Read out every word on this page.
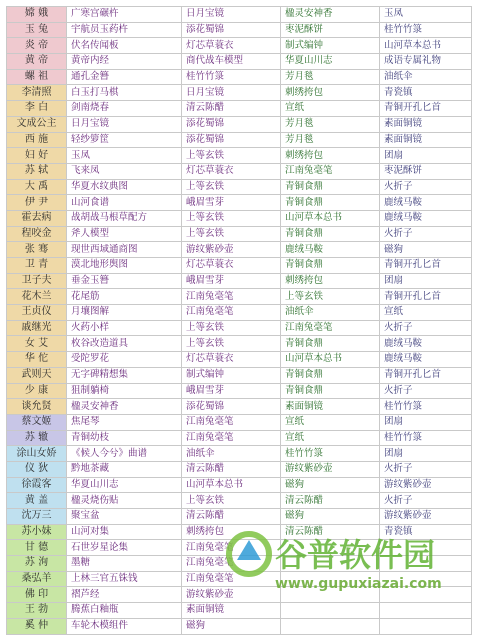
嫦 娥	广寒宫碾杵	日月宝镜	楹灵安神香	玉凤
玉 兔	宇航员玉药杵	添花蜀锦	枣泥酥饼	桂竹竹箓
炎 帝	伏名传闻板	灯芯草蓑衣	制式编钟	山河草本总书
黄 帝	黄帝内经	商代战车模型	华夏山川志	成语专属礼物
螺 祖	通孔金簪	桂竹竹箓	芳月毯	油纸伞
李清照	白玉打马棋	日月宝镜	刺绣挎包	青瓷镇
李 白	剑南烧春	清云陈醋	宣纸	青铜开孔匕首
文成公主	日月宝镜	添花蜀锦	芳月毯	素面铜镜
西 施	轻纱箩筐	添花蜀锦	芳月毯	素面铜镜
妇 好	玉凤	上等玄铁	刺绣挎包	团扇
苏 轼	飞来凤	灯芯草蓑衣	江南兔毫笔	枣泥酥饼
大 禹	华夏水纹典图	上等玄铁	青铜食鼎	火折子
伊 尹	山河食谱	峨眉雪芽	青铜食鼎	鹿绒马鞍
霍去病	战胡战马根草配方	上等玄铁	山河草本总书	鹿绒马鞍
程咬金	斧人模型	上等玄铁	青铜食鼎	火折子
张 骞	现世西域通商图	游纹紫砂壶	鹿绒马鞍	磁狗
卫 青	漠北地形舆图	灯芯草蓑衣	青铜食鼎	青铜开孔匕首
卫子夫	垂金玉簪	峨眉雪芽	刺绣挎包	团扇
花木兰	花尾筋	江南兔毫笔	上等玄铁	青铜开孔匕首
王贞仪	月壤图解	江南兔毫笔	油纸伞	宣纸
戚继光	火药小样	上等玄铁	江南兔毫笔	火折子
女 艾	枚谷改造道具	上等玄铁	青铜食鼎	鹿绒马鞍
华 佗	受陀罗花	灯芯草蓑衣	山河草本总书	鹿绒马鞍
武则天	无字碑精想集	制式编钟	青铜食鼎	青铜开孔匕首
少 康	狙制躺椅	峨眉雪芽	青铜食鼎	火折子
谈允贤	楹灵安神香	添花蜀锦	素面铜镜	桂竹竹箓
蔡文姬	焦尾琴	江南兔毫笔	宣纸	团扇
苏 辙	青铜幼枝	江南兔毫笔	宣纸	桂竹竹箓
涂山女娇	《候人今兮》曲谱	油纸伞	桂竹竹箓	团扇
仪 狄	黔地茶藏	清云陈醋	游纹紫砂壶	火折子
徐霞客	华夏山川志	山河草本总书	磁狗	游纹紫砂壶
黄 盖	楹灵烧伤贴	上等玄铁	清云陈醋	火折子
沈万三	聚宝盆	清云陈醋	磁狗	游纹紫砂壶
苏小妹	山河对集	刺绣挎包	清云陈醋	青瓷镇
甘 德	石世岁星论集	江南兔毫笔		
苏 洵	墨糖	江南兔毫笔		
桑弘羊	上林三官五铢钱	江南兔毫笔		
佛 印	褶芦经	游纹紫砂壶		
王 勃	腾蕉白釉瓶	素面铜镜		
奚 仲	车轮木模组件	磁狗		
谷普软件园
www.gupuxiazai.com
